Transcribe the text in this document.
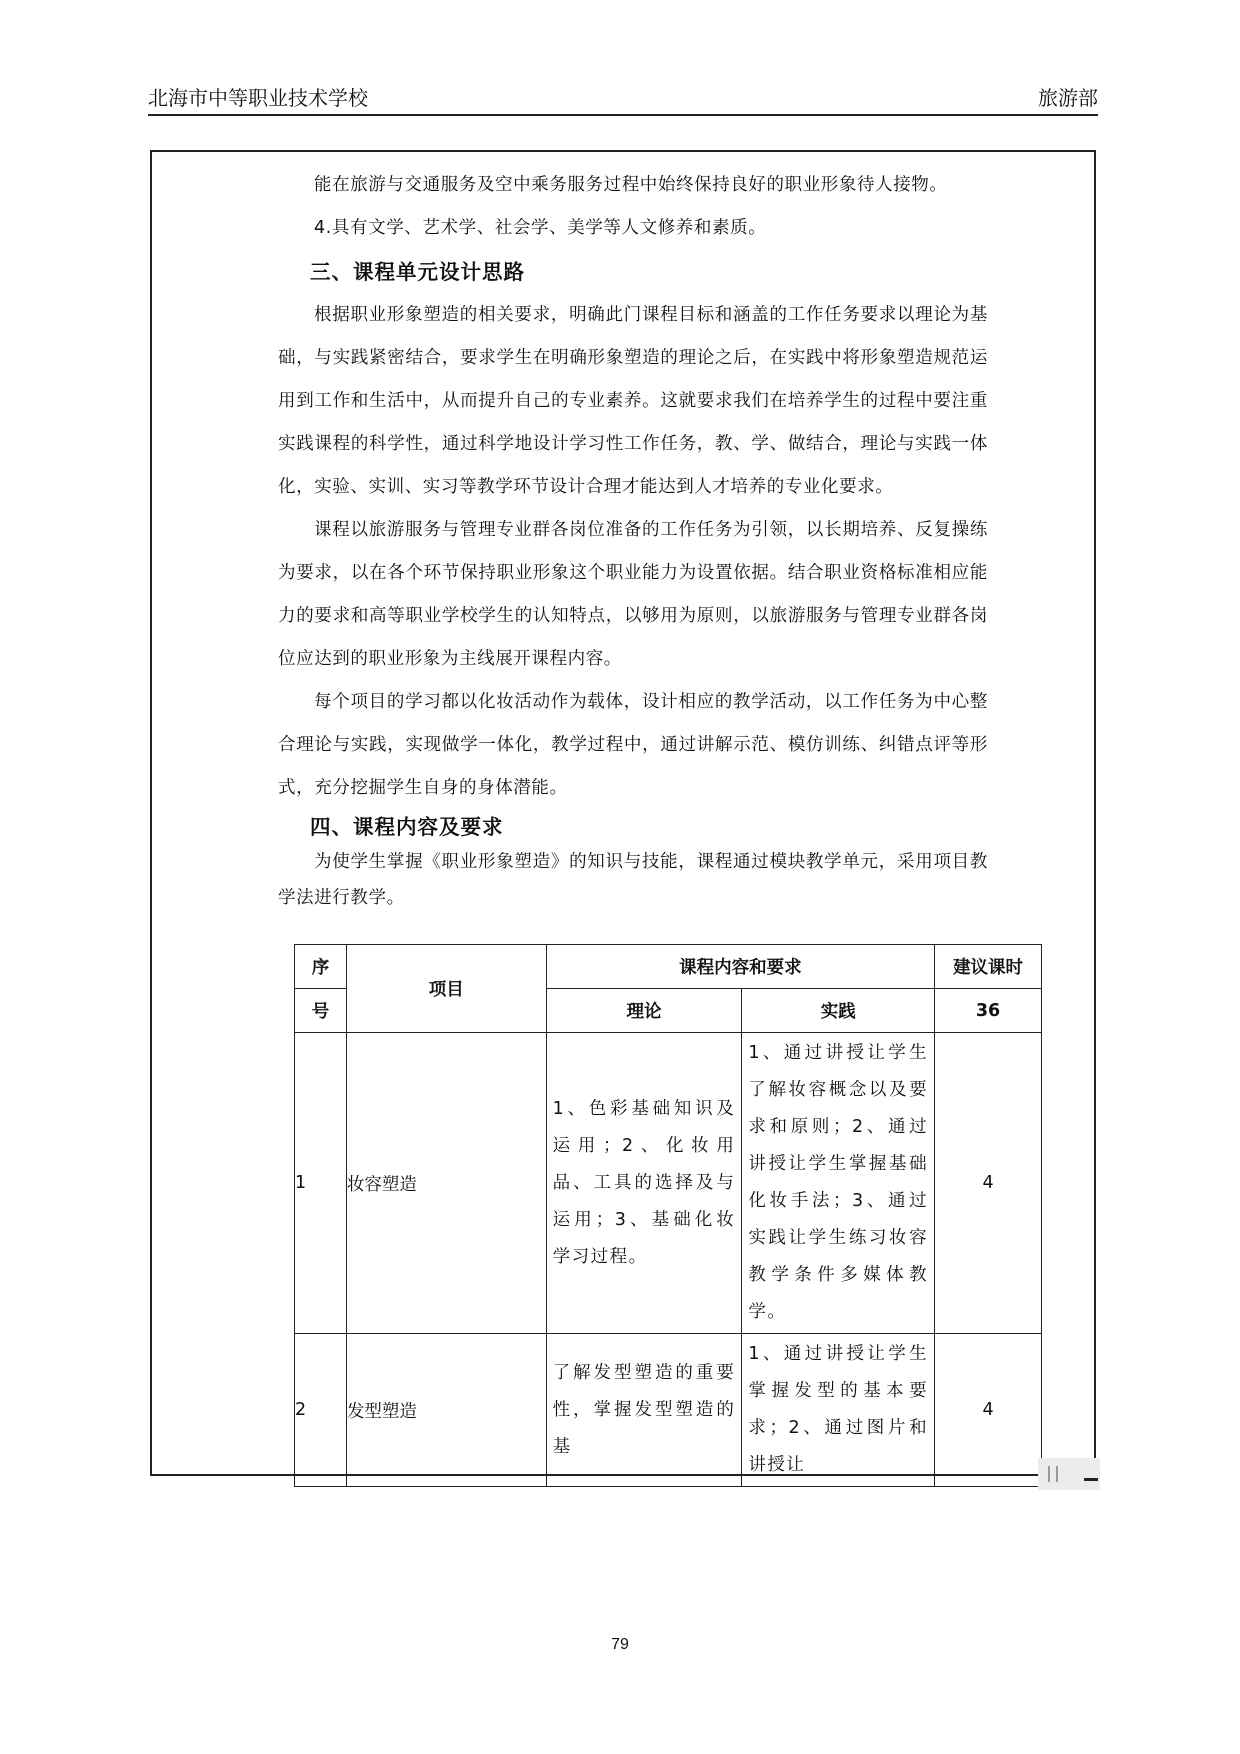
北海市中等职业技术学校	旅游部

能在旅游与交通服务及空中乘务服务过程中始终保持良好的职业形象待人接物。

4.具有文学、艺术学、社会学、美学等人文修养和素质。

三、课程单元设计思路

根据职业形象塑造的相关要求，明确此门课程目标和涵盖的工作任务要求以理论为基础，与实践紧密结合，要求学生在明确形象塑造的理论之后，在实践中将形象塑造规范运用到工作和生活中，从而提升自己的专业素养。这就要求我们在培养学生的过程中要注重实践课程的科学性，通过科学地设计学习性工作任务，教、学、做结合，理论与实践一体化，实验、实训、实习等教学环节设计合理才能达到人才培养的专业化要求。

课程以旅游服务与管理专业群各岗位准备的工作任务为引领，以长期培养、反复操练为要求，以在各个环节保持职业形象这个职业能力为设置依据。结合职业资格标准相应能力的要求和高等职业学校学生的认知特点，以够用为原则，以旅游服务与管理专业群各岗位应达到的职业形象为主线展开课程内容。

每个项目的学习都以化妆活动作为载体，设计相应的教学活动，以工作任务为中心整合理论与实践，实现做学一体化，教学过程中，通过讲解示范、模仿训练、纠错点评等形式，充分挖掘学生自身的身体潜能。

四、课程内容及要求

为使学生掌握《职业形象塑造》的知识与技能，课程通过模块教学单元，采用项目教学法进行教学。

序	项目	课程内容和要求		建议课时
号		理论	实践	36
1	妆容塑造	1、色彩基础知识及运用；2、化妆用品、工具的选择及与运用；3、基础化妆学习过程。	1、通过讲授让学生了解妆容概念以及要求和原则；2、通过讲授让学生掌握基础化妆手法；3、通过实践让学生练习妆容教学条件多媒体教学。	4
2	发型塑造	了解发型塑造的重要性，掌握发型塑造的基	1、通过讲授让学生掌握发型的基本要求；2、通过图片和讲授让	4
79
